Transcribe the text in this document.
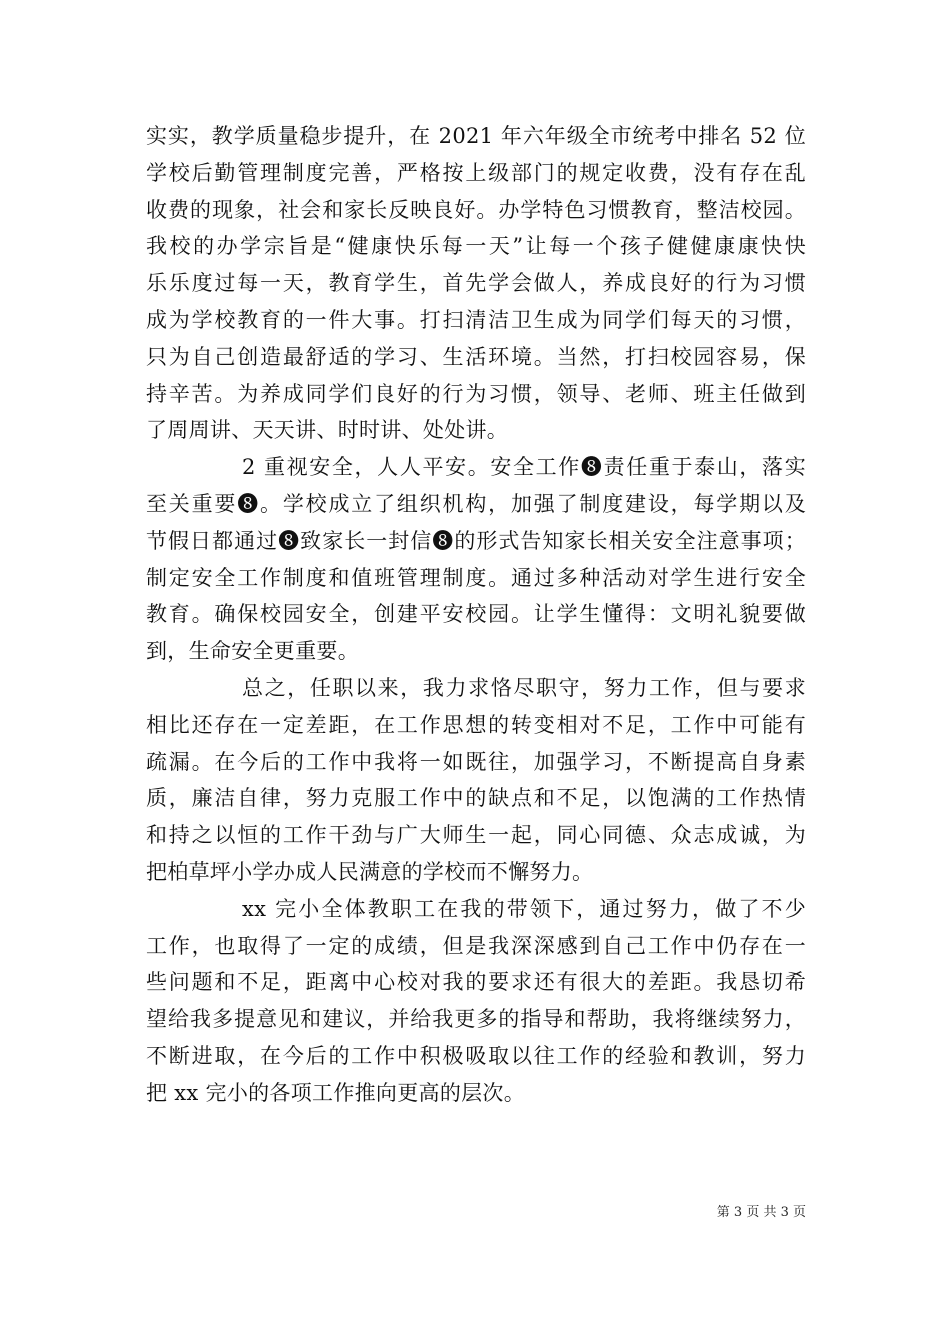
实实，教学质量稳步提升，在 2021 年六年级全市统考中排名 52 位
学校后勤管理制度完善，严格按上级部门的规定收费，没有存在乱
收费的现象，社会和家长反映良好。办学特色习惯教育，整洁校园。
我校的办学宗旨是“健康快乐每一天”让每一个孩子健健康康快快
乐乐度过每一天，教育学生，首先学会做人，养成良好的行为习惯
成为学校教育的一件大事。打扫清洁卫生成为同学们每天的习惯，
只为自己创造最舒适的学习、生活环境。当然，打扫校园容易，保
持辛苦。为养成同学们良好的行为习惯，领导、老师、班主任做到
了周周讲、天天讲、时时讲、处处讲。
2 重视安全，人人平安。安全工作❽责任重于泰山，落实
至关重要❽。学校成立了组织机构，加强了制度建设，每学期以及
节假日都通过❽致家长一封信❽的形式告知家长相关安全注意事项；
制定安全工作制度和值班管理制度。通过多种活动对学生进行安全
教育。确保校园安全，创建平安校园。让学生懂得：文明礼貌要做
到，生命安全更重要。
总之，任职以来，我力求恪尽职守，努力工作，但与要求
相比还存在一定差距，在工作思想的转变相对不足，工作中可能有
疏漏。在今后的工作中我将一如既往，加强学习，不断提高自身素
质，廉洁自律，努力克服工作中的缺点和不足，以饱满的工作热情
和持之以恒的工作干劲与广大师生一起，同心同德、众志成诚，为
把柏草坪小学办成人民满意的学校而不懈努力。
xx 完小全体教职工在我的带领下，通过努力，做了不少
工作，也取得了一定的成绩，但是我深深感到自己工作中仍存在一
些问题和不足，距离中心校对我的要求还有很大的差距。我恳切希
望给我多提意见和建议，并给我更多的指导和帮助，我将继续努力，
不断进取，在今后的工作中积极吸取以往工作的经验和教训，努力
把 xx 完小的各项工作推向更高的层次。
第 3 页 共 3 页
